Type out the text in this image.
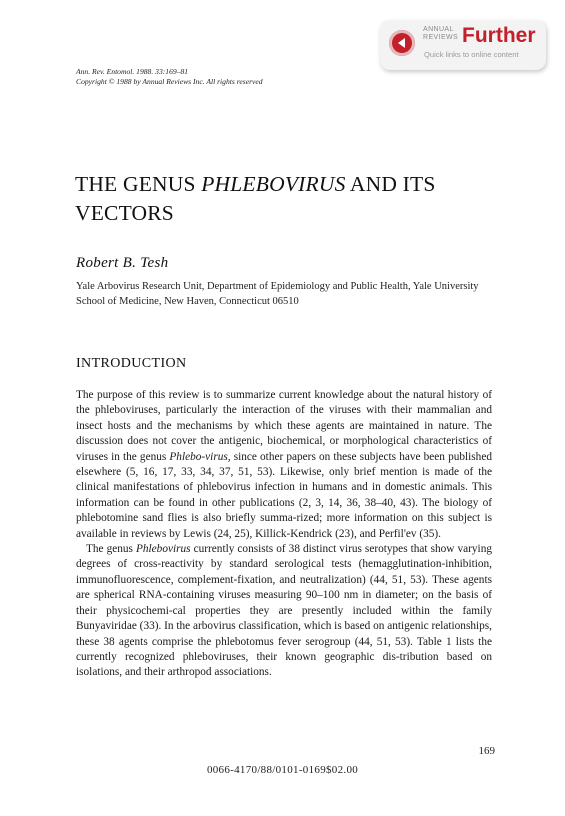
ANNUAL
REVIEWS Further
Quick links to online content
Ann. Rev. Entomol. 1988. 33:169–81
Copyright © 1988 by Annual Reviews Inc. All rights reserved
THE GENUS PHLEBOVIRUS AND ITS VECTORS
Robert B. Tesh
Yale Arbovirus Research Unit, Department of Epidemiology and Public Health, Yale University School of Medicine, New Haven, Connecticut 06510
INTRODUCTION

The purpose of this review is to summarize current knowledge about the natural history of the phleboviruses, particularly the interaction of the viruses with their mammalian and insect hosts and the mechanisms by which these agents are maintained in nature. The discussion does not cover the antigenic, biochemical, or morphological characteristics of viruses in the genus Phlebo-virus, since other papers on these subjects have been published elsewhere (5, 16, 17, 33, 34, 37, 51, 53). Likewise, only brief mention is made of the clinical manifestations of phlebovirus infection in humans and in domestic animals. This information can be found in other publications (2, 3, 14, 36, 38–40, 43). The biology of phlebotomine sand flies is also briefly summa-rized; more information on this subject is available in reviews by Lewis (24, 25), Killick-Kendrick (23), and Perfil'ev (35).

The genus Phlebovirus currently consists of 38 distinct virus serotypes that show varying degrees of cross-reactivity by standard serological tests (hemagglutination-inhibition, immunofluorescence, complement-fixation, and neutralization) (44, 51, 53). These agents are spherical RNA-containing viruses measuring 90–100 nm in diameter; on the basis of their physicochemi-cal properties they are presently included within the family Bunyaviridae (33). In the arbovirus classification, which is based on antigenic relationships, these 38 agents comprise the phlebotomus fever serogroup (44, 51, 53). Table 1 lists the currently recognized phleboviruses, their known geographic dis-tribution based on isolations, and their arthropod associations.

169
0066-4170/88/0101-0169$02.00
